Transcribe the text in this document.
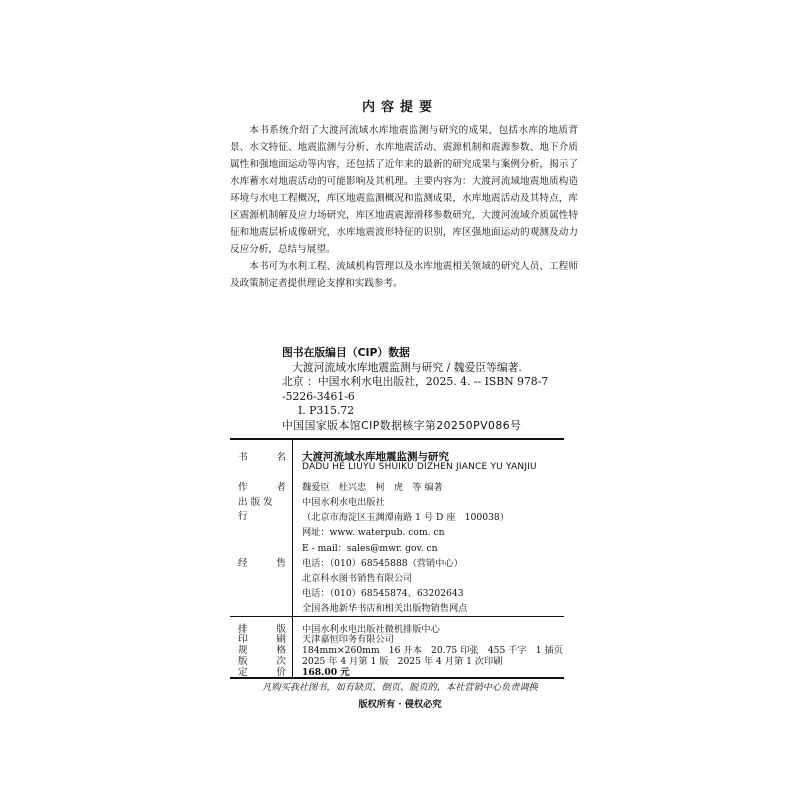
内容提要

本书系统介绍了大渡河流域水库地震监测与研究的成果，包括水库的地质背景、水文特征、地震监测与分析、水库地震活动、震源机制和震源参数、地下介质属性和强地面运动等内容，还包括了近年来的最新的研究成果与案例分析，揭示了水库蓄水对地震活动的可能影响及其机理。主要内容为：大渡河流域地震地质构造环境与水电工程概况，库区地震监测概况和监测成果，水库地震活动及其特点，库区震源机制解及应力场研究，库区地震震源滑移参数研究，大渡河流域介质属性特征和地震层析成像研究，水库地震波形特征的识别，库区强地面运动的观测及动力反应分析，总结与展望。

本书可为水利工程、流域机构管理以及水库地震相关领域的研究人员、工程师及政策制定者提供理论支撑和实践参考。

图书在版编目（CIP）数据
大渡河流域水库地震监测与研究 / 魏爱臣等编著.
北京 ：中国水利水电出版社，2025. 4. -- ISBN 978-7
-5226-3461-6
Ⅰ. P315.72
中国国家版本馆CIP数据核字第20250PV086号
书	名 大渡河流域水库地震监测与研究
DADU HE LIUYU SHUIKU DIZHEN JIANCE YU YANJIU
作	者 魏爱臣　杜兴忠　柯　虎　等 编著
出版发行
中国水利水电出版社
（北京市海淀区玉渊潭南路 1 号 D 座　100038）
网址：www. waterpub. com. cn
E - mail：sales@mwr. gov. cn
经	售 电话：（010）68545888（营销中心）
北京科水图书销售有限公司
电话：（010）68545874、63202643
全国各地新华书店和相关出版物销售网点
排	版 中国水利水电出版社微机排版中心
印	刷 天津嘉恒印务有限公司
规	格 184mm×260mm　16 开本　20.75 印张　455 千字　1 插页
版	次 2025 年 4 月第 1 版　2025 年 4 月第 1 次印刷
定	价 168.00 元
凡购买我社图书，如有缺页、倒页、脱页的，本社营销中心负责调换
版权所有 · 侵权必究
